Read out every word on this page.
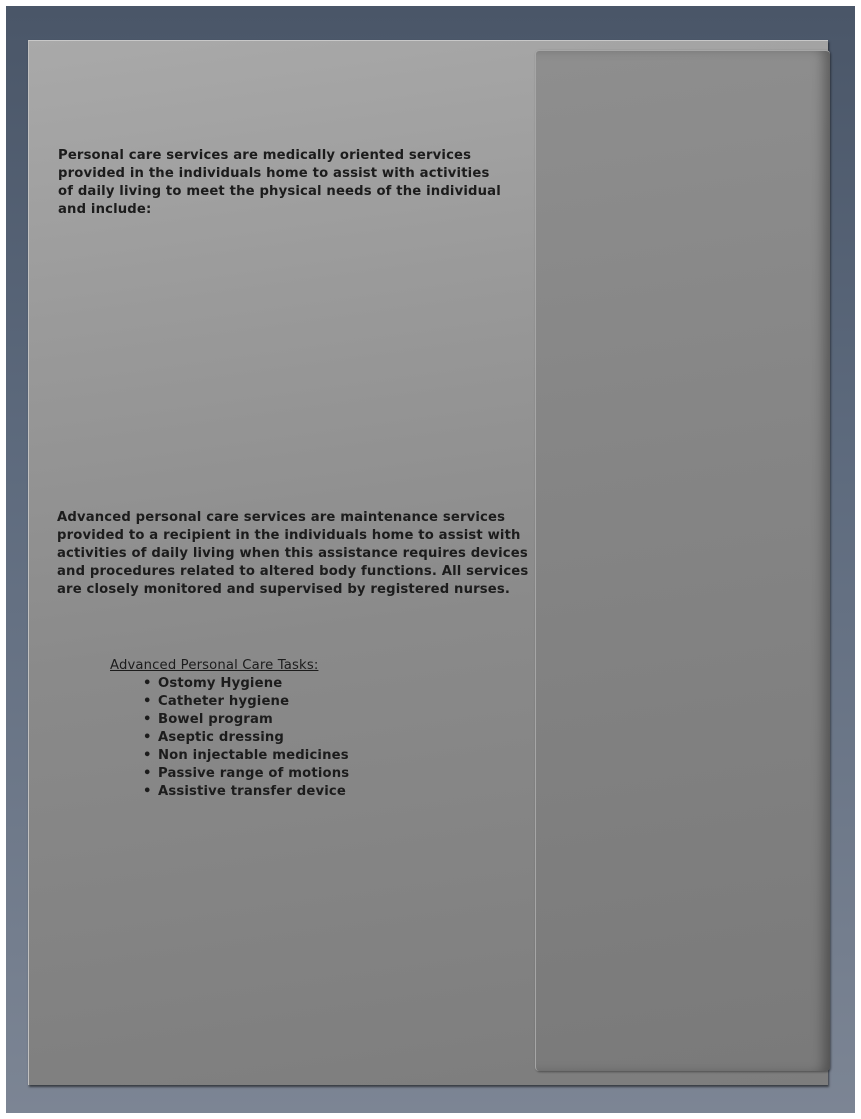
Personal care services are medically oriented services provided in the individuals home to assist with activities of daily living to meet the physical needs of the individual and include:
Advanced personal care services are maintenance services provided to a recipient in the individuals home to assist with activities of daily living when this assistance requires devices and procedures related to altered body functions. All services are closely monitored and supervised by registered nurses.
Advanced Personal Care Tasks:
• Ostomy Hygiene
• Catheter hygiene
• Bowel program
• Aseptic dressing
• Non injectable medicines
• Passive range of motions
• Assistive transfer device
